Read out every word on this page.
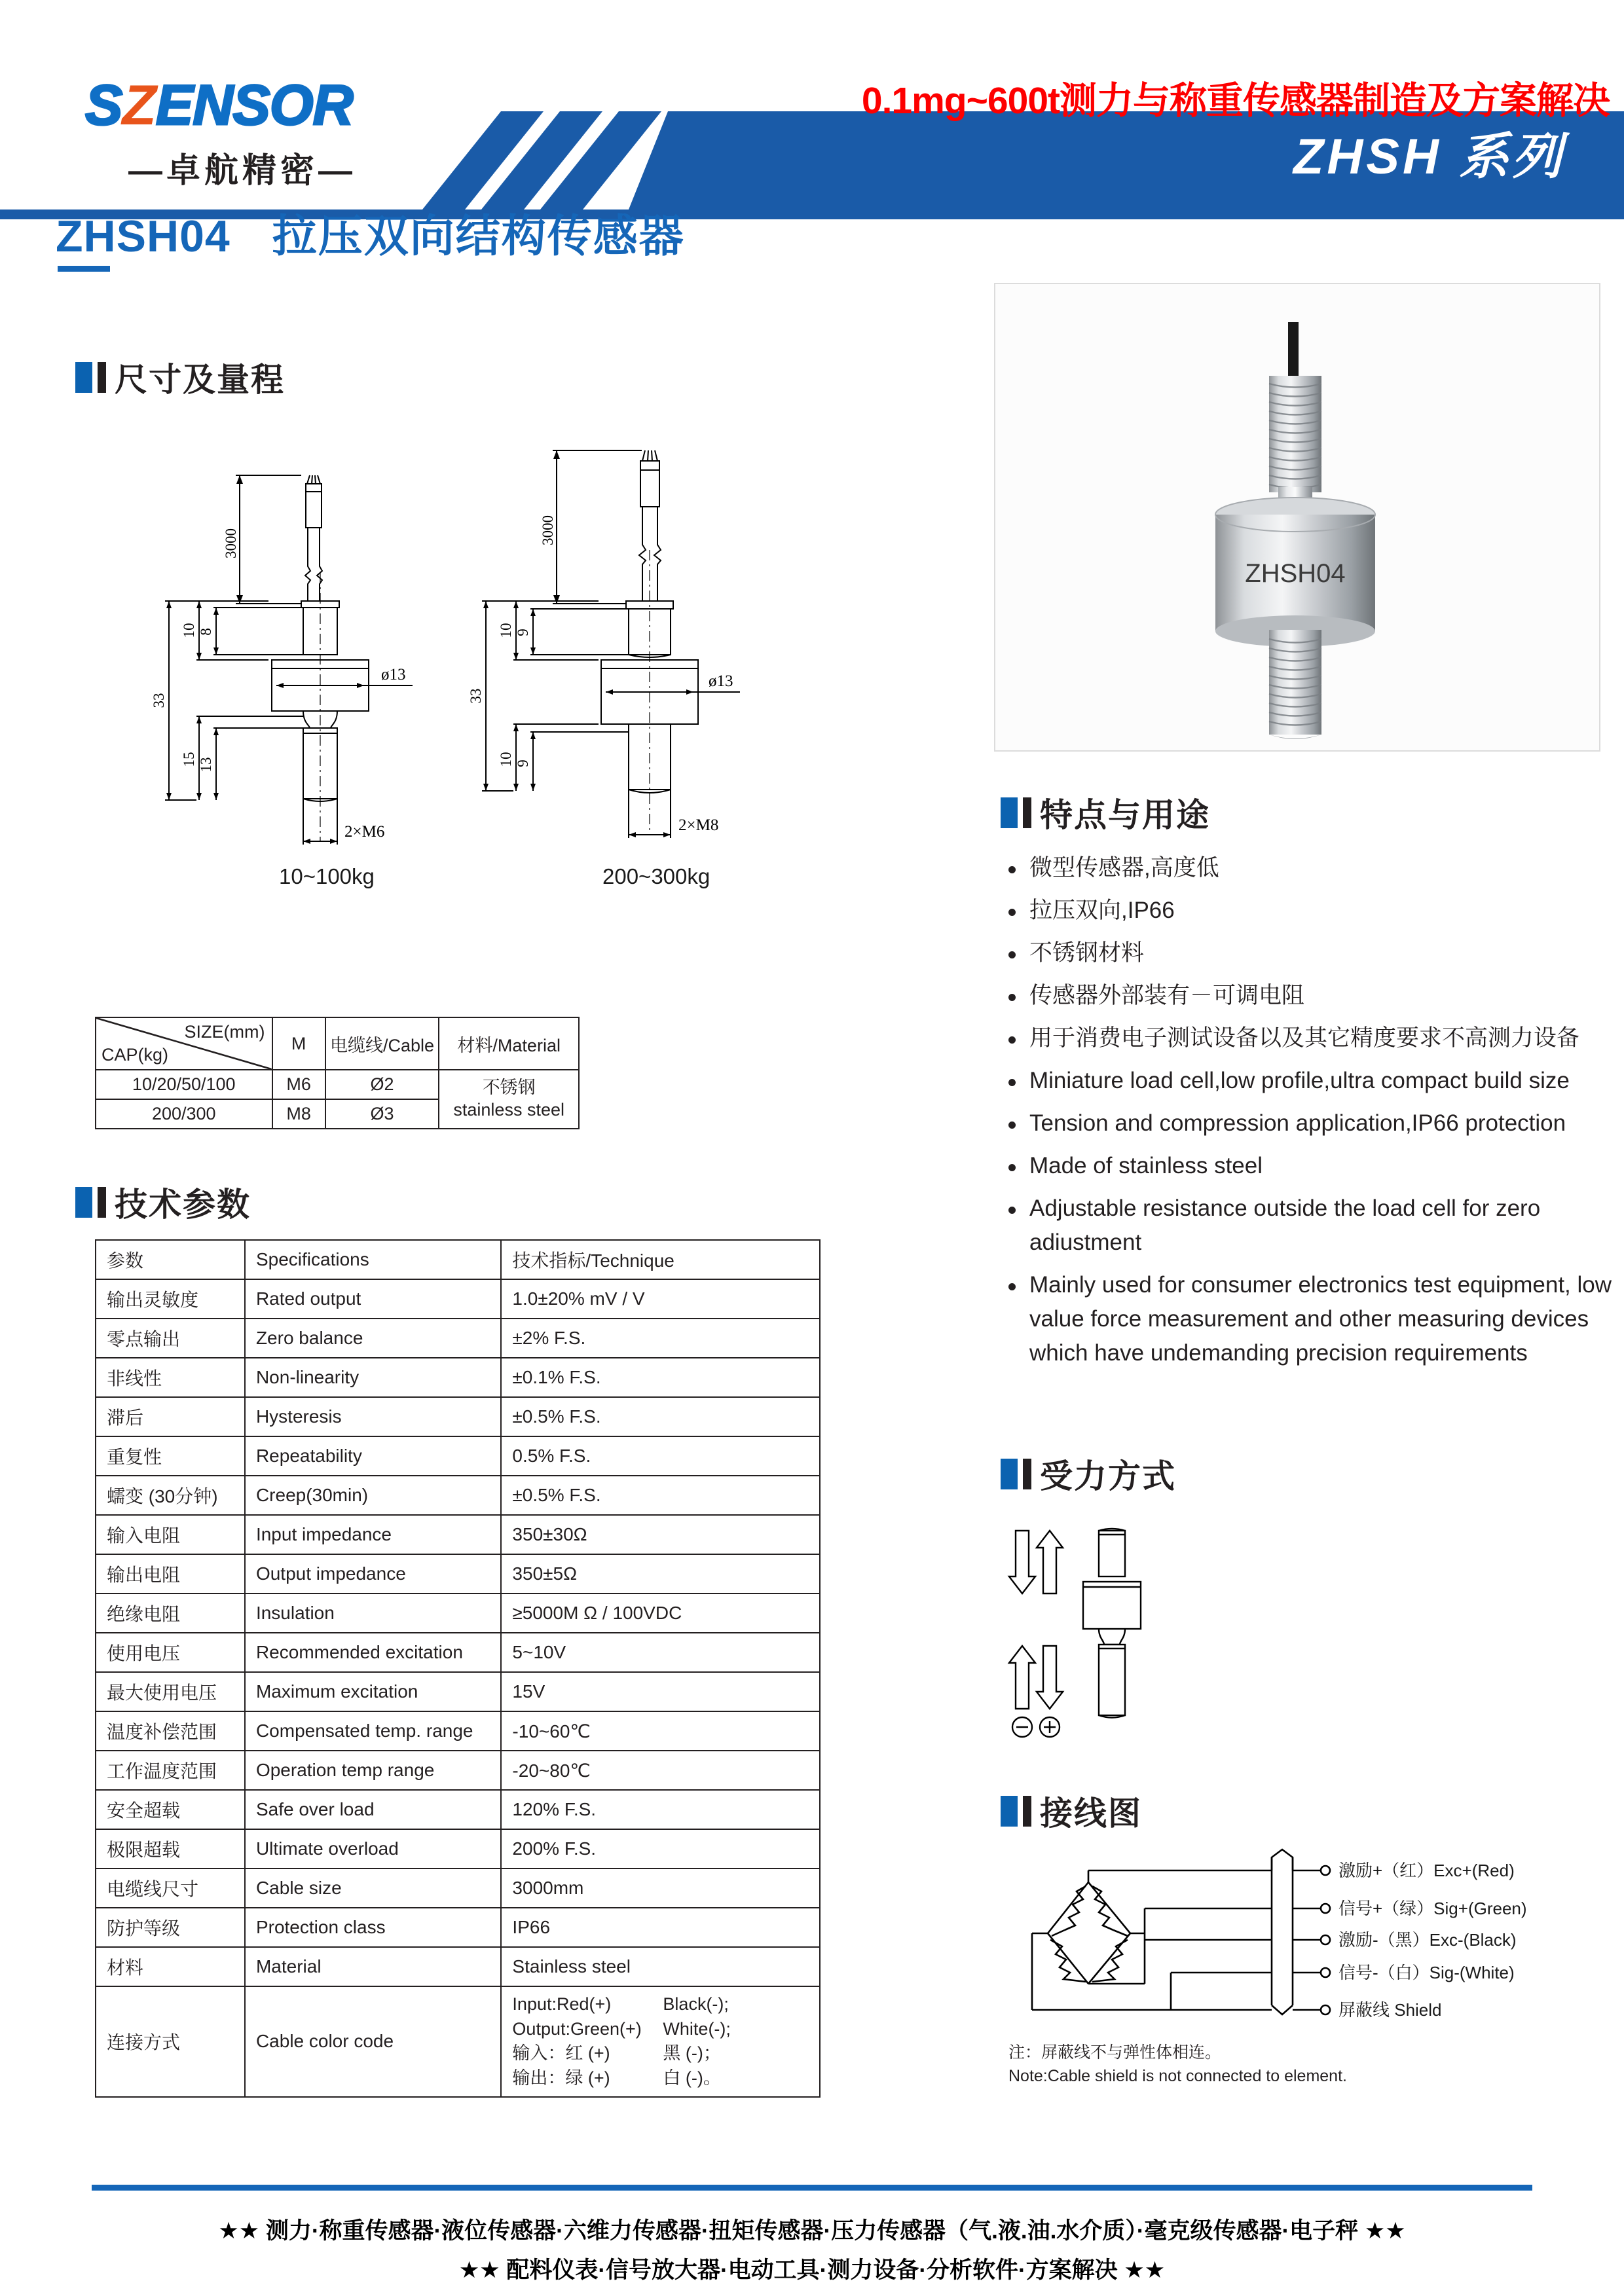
SZENSOR
—卓航精密—
0.1mg~600t测力与称重传感器制造及方案解决
ZHSH 系列
ZHSH04 拉压双向结构传感器
尺寸及量程
3000
8
10
33
15 13
ø13
2×M6
3000
9
10
33
10 9
ø13
2×M8
10~100kg	200~300kg
SIZE(mm)
CAP(kg)	M	电缆线/Cable	材料/Material
10/20/50/100	M6	Ø2	不锈钢
stainless steel

200/300	M8	Ø3	
技术参数
参数	Specifications	技术指标/Technique
输出灵敏度	Rated output	1.0±20% mV / V
零点输出	Zero balance	±2% F.S.
非线性	Non-linearity	±0.1% F.S.
滞后	Hysteresis	±0.5% F.S.
重复性	Repeatability	0.5% F.S.
蠕变 (30分钟)	Creep(30min)	±0.5% F.S.
输入电阻	Input impedance	350±30Ω
输出电阻	Output impedance	350±5Ω
绝缘电阻	Insulation	≥5000M Ω / 100VDC
使用电压	Recommended excitation	5~10V
最大使用电压	Maximum excitation	15V
温度补偿范围	Compensated temp. range	-10~60℃
工作温度范围	Operation temp range	-20~80℃
安全超载	Safe over load	120% F.S.
极限超载	Ultimate overload	200% F.S.
电缆线尺寸	Cable size	3000mm
防护等级	Protection class	IP66
材料	Material	Stainless steel
连接方式	Cable color code	
Input:Red(+)	Black(-);
Output:Green(+)	White(-);
输入：红 (+)	黑 (-)；
输出：绿 (+)	白 (-)。
ZHSH04
特点与用途
微型传感器,高度低
拉压双向,IP66
不锈钢材料
传感器外部装有－可调电阻
用于消费电子测试设备以及其它精度要求不高测力设备
Miniature load cell,low profile,ultra compact build size
Tension and compression application,IP66 protection
Made of stainless steel
Adjustable resistance outside the load cell for zero adiustment
Mainly used for consumer electronics test equipment, low value force measurement and other measuring devices which have undemanding precision requirements
受力方式
接线图
激励+（红）Exc+(Red)
信号+（绿）Sig+(Green)
激励-（黑）Exc-(Black)
信号-（白）Sig-(White)
屏蔽线 Shield
注：屏蔽线不与弹性体相连。
Note:Cable shield is not connected to element.
★★ 测力·称重传感器·液位传感器·六维力传感器·扭矩传感器·压力传感器（气.液.油.水介质）·毫克级传感器·电子秤 ★★
★★ 配料仪表·信号放大器·电动工具·测力设备·分析软件·方案解决 ★★
